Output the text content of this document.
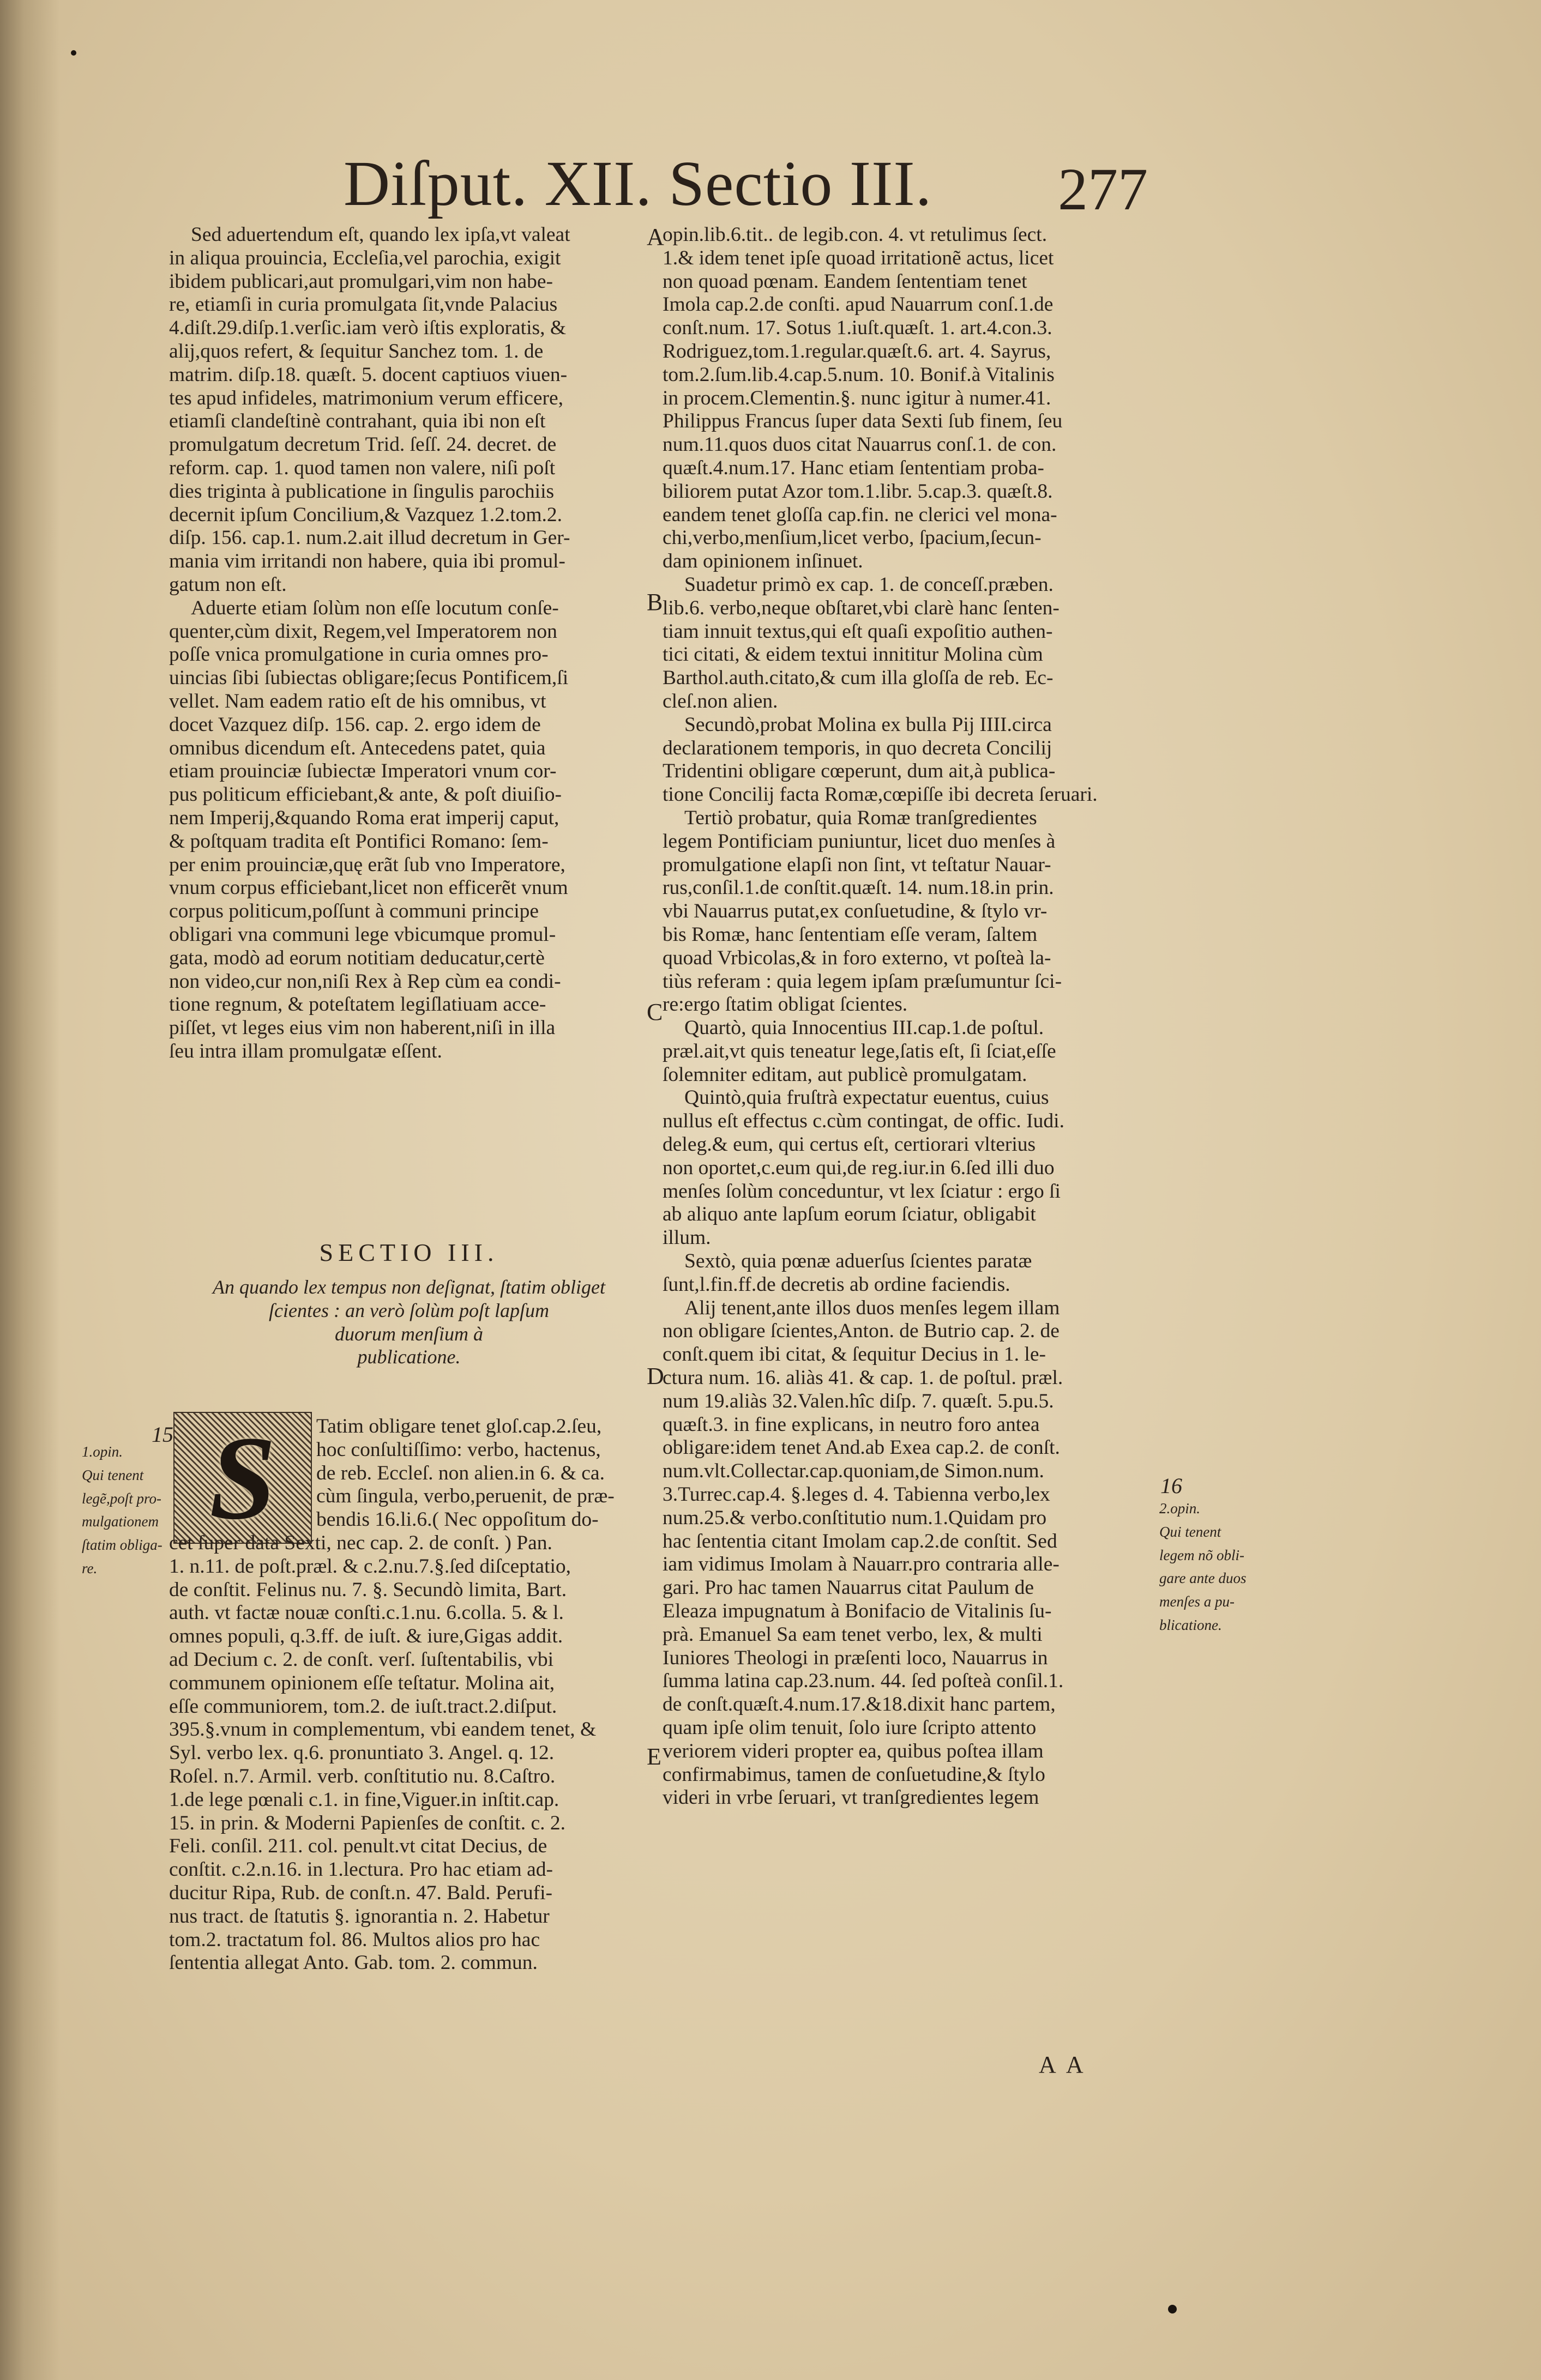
Diſput. XII. Sectio III.	277
Sed aduertendum eſt, quando lex ipſa,vt valeat
in aliqua prouincia, Eccleſia,vel parochia, exigit
ibidem publicari,aut promulgari,vim non habe-
re, etiamſi in curia promulgata ſit,vnde Palacius
4.diſt.29.diſp.1.verſic.iam verò iſtis exploratis, &
alij,quos refert, & ſequitur Sanchez tom. 1. de
matrim. diſp.18. quæſt. 5. docent captiuos viuen-
tes apud infideles, matrimonium verum efficere,
etiamſi clandeſtinè contrahant, quia ibi non eſt
promulgatum decretum Trid. ſeſſ. 24. decret. de
reform. cap. 1. quod tamen non valere, niſi poſt
dies triginta à publicatione in ſingulis parochiis
decernit ipſum Concilium,& Vazquez 1.2.tom.2.
diſp. 156. cap.1. num.2.ait illud decretum in Ger-
mania vim irritandi non habere, quia ibi promul-
gatum non eſt.
Aduerte etiam ſolùm non eſſe locutum conſe-
quenter,cùm dixit, Regem,vel Imperatorem non
poſſe vnica promulgatione in curia omnes pro-
uincias ſibi ſubiectas obligare;ſecus Pontificem,ſi
vellet. Nam eadem ratio eſt de his omnibus, vt
docet Vazquez diſp. 156. cap. 2. ergo idem de
omnibus dicendum eſt. Antecedens patet, quia
etiam prouinciæ ſubiectæ Imperatori vnum cor-
pus politicum efficiebant,& ante, & poſt diuiſio-
nem Imperij,&quando Roma erat imperij caput,
& poſtquam tradita eſt Pontifici Romano: ſem-
per enim prouinciæ,quę erãt ſub vno Imperatore,
vnum corpus efficiebant,licet non efficerẽt vnum
corpus politicum,poſſunt à communi principe
obligari vna communi lege vbicumque promul-
gata, modò ad eorum notitiam deducatur,certè
non video,cur non,niſi Rex à Rep cùm ea condi-
tione regnum, & poteſtatem legiſlatiuam acce-
piſſet, vt leges eius vim non haberent,niſi in illa
ſeu intra illam promulgatæ eſſent.
SECTIO III.
An quando lex tempus non deſignat, ſtatim obliget
ſcientes : an verò ſolùm poſt lapſum
duorum menſium à
publicatione.
S	Tatim obligare tenet gloſ.cap.2.ſeu,
hoc conſultiſſimo: verbo, hactenus,
de reb. Eccleſ. non alien.in 6. & ca.
cùm ſingula, verbo,peruenit, de præ-
bendis 16.li.6.( Nec oppoſitum do-
cet ſuper data Sexti, nec cap. 2. de conſt. ) Pan.
1. n.11. de poſt.præl. & c.2.nu.7.§.ſed diſceptatio,
de conſtit. Felinus nu. 7. §. Secundò limita, Bart.
auth. vt factæ nouæ conſti.c.1.nu. 6.colla. 5. & l.
omnes populi, q.3.ff. de iuſt. & iure,Gigas addit.
ad Decium c. 2. de conſt. verſ. ſuſtentabilis, vbi
communem opinionem eſſe teſtatur. Molina ait,
eſſe communiorem, tom.2. de iuſt.tract.2.diſput.
395.§.vnum in complementum, vbi eandem tenet, &
Syl. verbo lex. q.6. pronuntiato 3. Angel. q. 12.
Roſel. n.7. Armil. verb. conſtitutio nu. 8.Caſtro.
1.de lege pœnali c.1. in fine,Viguer.in inſtit.cap.
15. in prin. & Moderni Papienſes de conſtit. c. 2.
Feli. conſil. 211. col. penult.vt citat Decius, de
conſtit. c.2.n.16. in 1.lectura. Pro hac etiam ad-
ducitur Ripa, Rub. de conſt.n. 47. Bald. Perufi-
nus tract. de ſtatutis §. ignorantia n. 2. Habetur
tom.2. tractatum fol. 86. Multos alios pro hac
ſententia allegat Anto. Gab. tom. 2. commun.
opin.lib.6.tit.. de legib.con. 4. vt retulimus ſect.
1.& idem tenet ipſe quoad irritationẽ actus, licet
non quoad pœnam. Eandem ſententiam tenet
Imola cap.2.de conſti. apud Nauarrum conſ.1.de
conſt.num. 17. Sotus 1.iuſt.quæſt. 1. art.4.con.3.
Rodriguez,tom.1.regular.quæſt.6. art. 4. Sayrus,
tom.2.ſum.lib.4.cap.5.num. 10. Bonif.à Vitalinis
in procem.Clementin.§. nunc igitur à numer.41.
Philippus Francus ſuper data Sexti ſub finem, ſeu
num.11.quos duos citat Nauarrus conſ.1. de con.
quæſt.4.num.17. Hanc etiam ſententiam proba-
biliorem putat Azor tom.1.libr. 5.cap.3. quæſt.8.
eandem tenet gloſſa cap.fin. ne clerici vel mona-
chi,verbo,menſium,licet verbo, ſpacium,ſecun-
dam opinionem inſinuet.
Suadetur primò ex cap. 1. de conceſſ.præben.
lib.6. verbo,neque obſtaret,vbi clarè hanc ſenten-
tiam innuit textus,qui eſt quaſi expoſitio authen-
tici citati, & eidem textui innititur Molina cùm
Barthol.auth.citato,& cum illa gloſſa de reb. Ec-
cleſ.non alien.
Secundò,probat Molina ex bulla Pij IIII.circa
declarationem temporis, in quo decreta Concilij
Tridentini obligare cœperunt, dum ait,à publica-
tione Concilij facta Romæ,cœpiſſe ibi decreta ſeruari.
Tertiò probatur, quia Romæ tranſgredientes
legem Pontificiam puniuntur, licet duo menſes à
promulgatione elapſi non ſint, vt teſtatur Nauar-
rus,conſil.1.de conſtit.quæſt. 14. num.18.in prin.
vbi Nauarrus putat,ex conſuetudine, & ſtylo vr-
bis Romæ, hanc ſententiam eſſe veram, ſaltem
quoad Vrbicolas,& in foro externo, vt poſteà la-
tiùs referam : quia legem ipſam præſumuntur ſci-
re:ergo ſtatim obligat ſcientes.
Quartò, quia Innocentius III.cap.1.de poſtul.
præl.ait,vt quis teneatur lege,ſatis eſt, ſi ſciat,eſſe
ſolemniter editam, aut publicè promulgatam.
Quintò,quia fruſtrà expectatur euentus, cuius
nullus eſt effectus c.cùm contingat, de offic. Iudi.
deleg.& eum, qui certus eſt, certiorari vlterius
non oportet,c.eum qui,de reg.iur.in 6.ſed illi duo
menſes ſolùm conceduntur, vt lex ſciatur : ergo ſi
ab aliquo ante lapſum eorum ſciatur, obligabit
illum.
Sextò, quia pœnæ aduerſus ſcientes paratæ
ſunt,l.fin.ff.de decretis ab ordine faciendis.
Alij tenent,ante illos duos menſes legem illam
non obligare ſcientes,Anton. de Butrio cap. 2. de
conſt.quem ibi citat, & ſequitur Decius in 1. le-
ctura num. 16. aliàs 41. & cap. 1. de poſtul. præl.
num 19.aliàs 32.Valen.hîc diſp. 7. quæſt. 5.pu.5.
quæſt.3. in fine explicans, in neutro foro antea
obligare:idem tenet And.ab Exea cap.2. de conſt.
num.vlt.Collectar.cap.quoniam,de Simon.num.
3.Turrec.cap.4. §.leges d. 4. Tabienna verbo,lex
num.25.& verbo.conſtitutio num.1.Quidam pro
hac ſententia citant Imolam cap.2.de conſtit. Sed
iam vidimus Imolam à Nauarr.pro contraria alle-
gari. Pro hac tamen Nauarrus citat Paulum de
Eleaza impugnatum à Bonifacio de Vitalinis ſu-
prà. Emanuel Sa eam tenet verbo, lex, & multi
Iuniores Theologi in præſenti loco, Nauarrus in
ſumma latina cap.23.num. 44. ſed poſteà conſil.1.
de conſt.quæſt.4.num.17.&18.dixit hanc partem,
quam ipſe olim tenuit, ſolo iure ſcripto attento
veriorem videri propter ea, quibus poſtea illam
confirmabimus, tamen de conſuetudine,& ſtylo
videri in vrbe ſeruari, vt tranſgredientes legem
A
B
C
D
E
15
1.opin.
Qui tenent
legẽ,poſt pro-
mulgationem
ſtatim obliga-
re.
16
2.opin.
Qui tenent
legem nõ obli-
gare ante duos
menſes a pu-
blicatione.
A A
